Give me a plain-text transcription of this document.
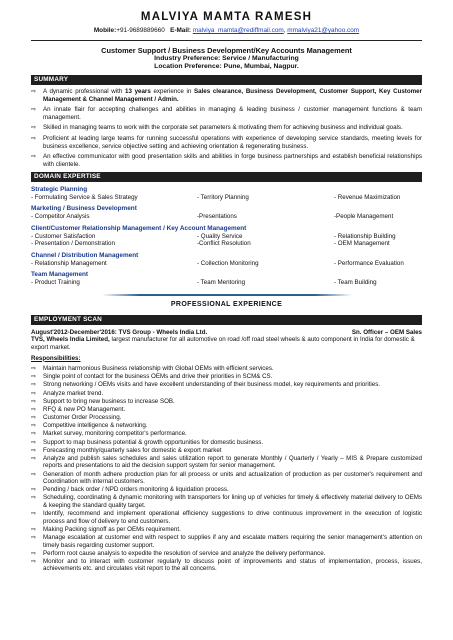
MALVIYA MAMTA RAMESH
Mobile:+91-9689889660 E-Mail: malviya_mamta@rediffmail.com, mmalviya21@yahoo.com
Customer Support / Business Development/Key Accounts Management
Industry Preference: Service / Manufacturing
Location Preference: Pune, Mumbai, Nagpur.
SUMMARY
⇨ A dynamic professional with 13 years experience in Sales clearance, Business Development, Customer Support, Key Customer Management & Channel Management / Admin.
⇨ An innate flair for accepting challenges and abilities in managing & leading business / customer management functions & team management.
⇨ Skilled in managing teams to work with the corporate set parameters & motivating them for achieving business and individual goals.
⇨ Proficient at leading large teams for running successful operations with experience of developing service standards, meeting levels for business excellence, service objective setting and achieving orientation & regenerating business.
⇨ An effective communicator with good presentation skills and abilities in forge business partnerships and establish beneficial relationships with clientele.
DOMAIN EXPERTISE
Strategic Planning
- Formulating Service & Sales Strategy	- Territory Planning	- Revenue Maximization
Marketing / Business Development
- Competitor Analysis	-Presentations	-People Management
Client/Customer Relationship Management / Key Account Management
- Customer Satisfaction	- Quality Service	- Relationship Building
- Presentation / Demonstration	-Conflict Resolution	- OEM Management
Channel / Distribution Management
- Relationship Management	- Collection Monitoring	- Performance Evaluation
Team Management
- Product Training	- Team Mentoring	- Team Building
PROFESSIONAL EXPERIENCE
EMPLOYMENT SCAN
August'2012-December'2016: TVS Group - Wheels India Ltd.	Sn. Officer – OEM Sales
TVS, Wheels India Limited, largest manufacturer for all automotive on road /off road steel wheels & auto component in India for domestic & export market.
Responsibilities:
⇨ Maintain harmonious Business relationship with Global OEMs with efficient services.
⇨ Single point of contact for the business OEMs and drive their priorities in SCM& CS.
⇨ Strong networking / OEMs visits and have excellent understanding of their business model, key requirements and priorities.
⇨ Analyze market trend.
⇨ Support to bring new business to increase SOB.
⇨ RFQ & new PO Management.
⇨ Customer Order Processing.
⇨ Competitive intelligence & networking.
⇨ Market survey, monitoring competitor's performance.
⇨ Support to map business potential & growth opportunities for domestic business.
⇨ Forecasting monthly/quarterly sales for domestic & export market
⇨ Analyze and publish sales schedules and sales utilization report to generate Monthly / Quarterly / Yearly – MIS & Prepare customized reports and presentations to aid the decision support system for senior management.
⇨ Generation of month adhere production plan for all process or units and actualization of production as per customer's requirement and Coordination with internal customers.
⇨ Pending / back order / NPD orders monitoring & liquidation process.
⇨ Scheduling, coordinating & dynamic monitoring with transporters for lining up of vehicles for timely & effectively material delivery to OEMs & keeping the standard quality target.
⇨ Identify, recommend and implement operational efficiency suggestions to drive continuous improvement in the execution of logistic process and flow of delivery to end customers.
⇨ Making Packing signoff as per OEMs requirement.
⇨ Manage escalation at customer end with respect to supplies if any and escalate matters requiring the senior management's attention on timely basis regarding customer support.
⇨ Perform root cause analysis to expedite the resolution of service and analyze the delivery performance.
⇨ Monitor and to interact with customer regularly to discuss point of improvements and status of implementation, process, issues, achievements etc. and circulates visit report to the all concerns.
